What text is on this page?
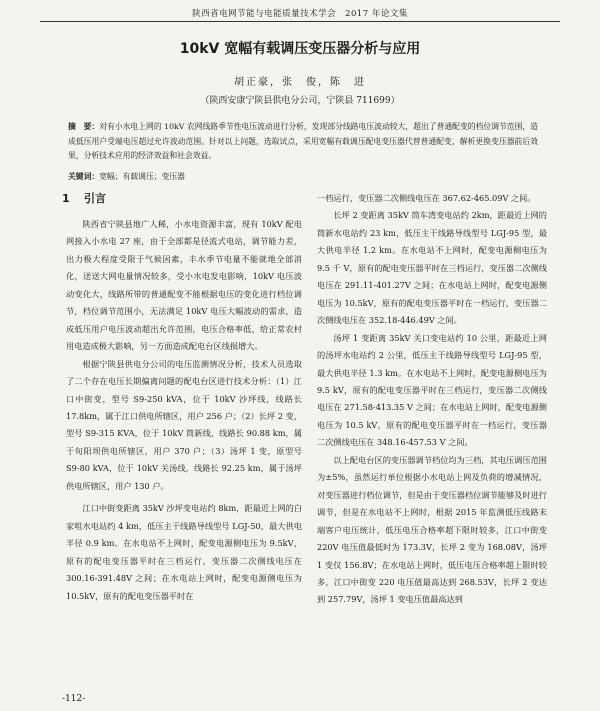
陕西省电网节能与电能质量技术学会　2017 年论文集
10kV 宽幅有载调压变压器分析与应用
胡正豪，张　俊，陈　进
（陕西安康宁陕县供电分公司，宁陕县 711699）
摘　要：对有小水电上网的 10kV 农网线路季节性电压波动进行分析，发现部分线路电压波动较大，超出了普通配变的档位调节范围，造成低压用户受端电压超过允许波动范围。针对以上问题，选取试点，采用宽幅有载调压配电变压器代替普通配变，解析更换变压器前后效果，分析技术应用的经济效益和社会效益。
关键词：宽幅；有载调压；变压器
1 引言

陕西省宁陕县地广人稀，小水电资源丰富，现有 10kV 配电网接入小水电 27 座，由于全部都是径流式电站，调节能力差，出力极大程度受限于气候因素，丰水季节电量不能就地全部消化，送送大网电量情况较多，受小水电发电影响，10kV 电压波动变化大，线路所带的普通配变不能根据电压的变化进行档位调节，档位调节范围小，无法满足 10kV 电压大幅波动的需求，造成低压用户电压波动超出允许范围，电压合格率低，给正常农村用电造成极大影响，另一方面造成配电台区线损增大。

根据宁陕县供电分公司的电压监测情况分析，技术人员选取了二个存在电压长期偏离问题的配电台区进行技术分析：（1）江口中街变，型号 S9-250 kVA，位于 10kV 沙坪线，线路长 17.8km，属于江口供电所辖区，用户 256 户；（2）长坪 2 变，型号 S9-315 KVA，位于 10kV 筒新线，线路长 90.88 km，属于旬阳坝供电所辖区，用户 370 户；（3）汤坪 1 变，原型号 S9-80 kVA，位于 10kV 关汤线，线路长 92.25 km，属于汤坪供电所辖区，用户 130 户。

江口中街变距离 35kV 沙坪变电站约 8km，距最近上网的白家咀水电站约 4 km，低压主干线路导线型号 LGJ-50，最大供电半径 0.9 km。在水电站不上网时，配变电源侧电压为 9.5kV，原有的配电变压器平时在三档运行，变压器二次侧线电压在 300.16-391.48V 之间；在水电站上网时，配变电源侧电压为 10.5kV，原有的配电变压器平时在

一档运行，变压器二次侧线电压在 367.62-465.09V 之间。

长坪 2 变距离 35kV 筒车湾变电站约 2km，距最近上网的筒新水电站约 23 km，低压主干线路导线型号 LGJ-95 型，最大供电半径 1.2 km。在水电站不上网时，配变电源侧电压为 9.5 千 V，原有的配电变压器平时在三档运行，变压器二次侧线电压在 291.11-401.27V 之间；在水电站上网时，配变电源侧电压为 10.5kV，原有的配电变压器平时在一档运行，变压器二次侧线电压在 352.18-446.49V 之间。

汤坪 1 变距离 35kV 关口变电站约 10 公里，距最近上网的汤坪水电站约 2 公里，低压主干线路导线型号 LGJ-95 型，最大供电半径 1.3 km。在水电站不上网时，配变电源侧电压为 9.5 kV，原有的配电变压器平时在三档运行，变压器二次侧线电压在 271.58-413.35 V 之间；在水电站上网时，配变电源侧电压为 10.5 kV，原有的配电变压器平时在一档运行，变压器二次侧线电压在 348.16-457.53 V 之间。

以上配电台区的变压器调节档位均为三档，其电压调压范围为±5%，虽然运行单位根据小水电站上网及负荷的增减情况，对变压器进行档位调节，但是由于变压器档位调节能够及时进行调节，但是在水电站不上网时，根据 2015 年监测低压线路末端客户电压统计，低压电压合格率超下限时较多，江口中街变 220V 电压值最低时为 173.3V，长坪 2 变为 168.08V，汤坪 1 变仅 156.8V；在水电站上网时，低压电压合格率超上限时较多，江口中街变 220 电压值最高达到 268.53V，长坪 2 变达到 257.79V，汤坪 1 变电压值最高达到

-112-
